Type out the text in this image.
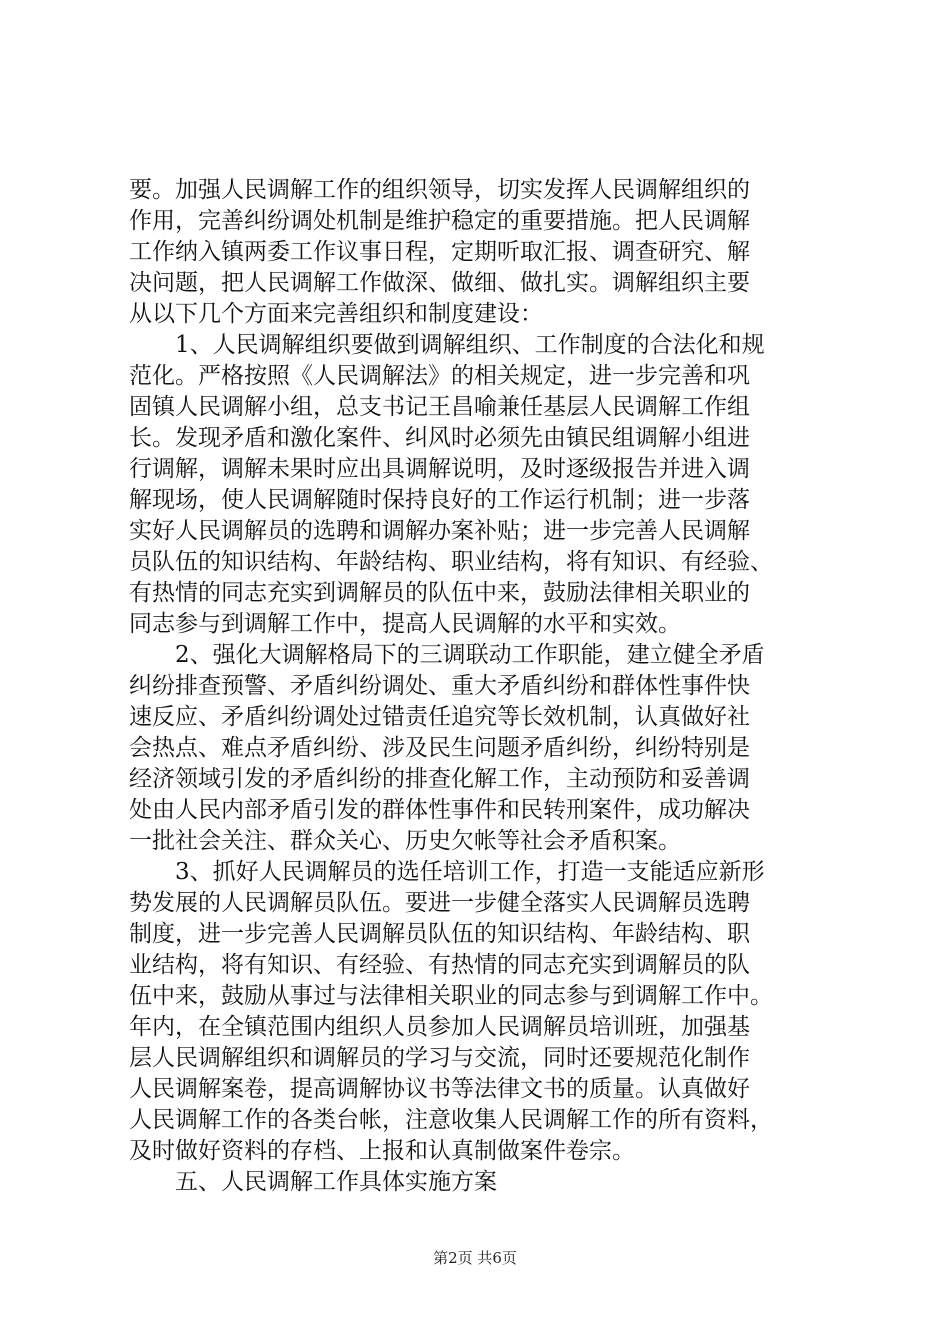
要。加强人民调解工作的组织领导，切实发挥人民调解组织的
作用，完善纠纷调处机制是维护稳定的重要措施。把人民调解
工作纳入镇两委工作议事日程，定期听取汇报、调查研究、解
决问题，把人民调解工作做深、做细、做扎实。调解组织主要
从以下几个方面来完善组织和制度建设：
　　1、人民调解组织要做到调解组织、工作制度的合法化和规
范化。严格按照《人民调解法》的相关规定，进一步完善和巩
固镇人民调解小组，总支书记王昌喻兼任基层人民调解工作组
长。发现矛盾和激化案件、纠风时必须先由镇民组调解小组进
行调解，调解未果时应出具调解说明，及时逐级报告并进入调
解现场，使人民调解随时保持良好的工作运行机制；进一步落
实好人民调解员的选聘和调解办案补贴；进一步完善人民调解
员队伍的知识结构、年龄结构、职业结构，将有知识、有经验、
有热情的同志充实到调解员的队伍中来，鼓励法律相关职业的
同志参与到调解工作中，提高人民调解的水平和实效。
　　2、强化大调解格局下的三调联动工作职能，建立健全矛盾
纠纷排查预警、矛盾纠纷调处、重大矛盾纠纷和群体性事件快
速反应、矛盾纠纷调处过错责任追究等长效机制，认真做好社
会热点、难点矛盾纠纷、涉及民生问题矛盾纠纷，纠纷特别是
经济领域引发的矛盾纠纷的排查化解工作，主动预防和妥善调
处由人民内部矛盾引发的群体性事件和民转刑案件，成功解决
一批社会关注、群众关心、历史欠帐等社会矛盾积案。
　　3、抓好人民调解员的选任培训工作，打造一支能适应新形
势发展的人民调解员队伍。要进一步健全落实人民调解员选聘
制度，进一步完善人民调解员队伍的知识结构、年龄结构、职
业结构，将有知识、有经验、有热情的同志充实到调解员的队
伍中来，鼓励从事过与法律相关职业的同志参与到调解工作中。
年内，在全镇范围内组织人员参加人民调解员培训班，加强基
层人民调解组织和调解员的学习与交流，同时还要规范化制作
人民调解案卷，提高调解协议书等法律文书的质量。认真做好
人民调解工作的各类台帐，注意收集人民调解工作的所有资料，
及时做好资料的存档、上报和认真制做案件卷宗。
　　五、人民调解工作具体实施方案
第2页 共6页
